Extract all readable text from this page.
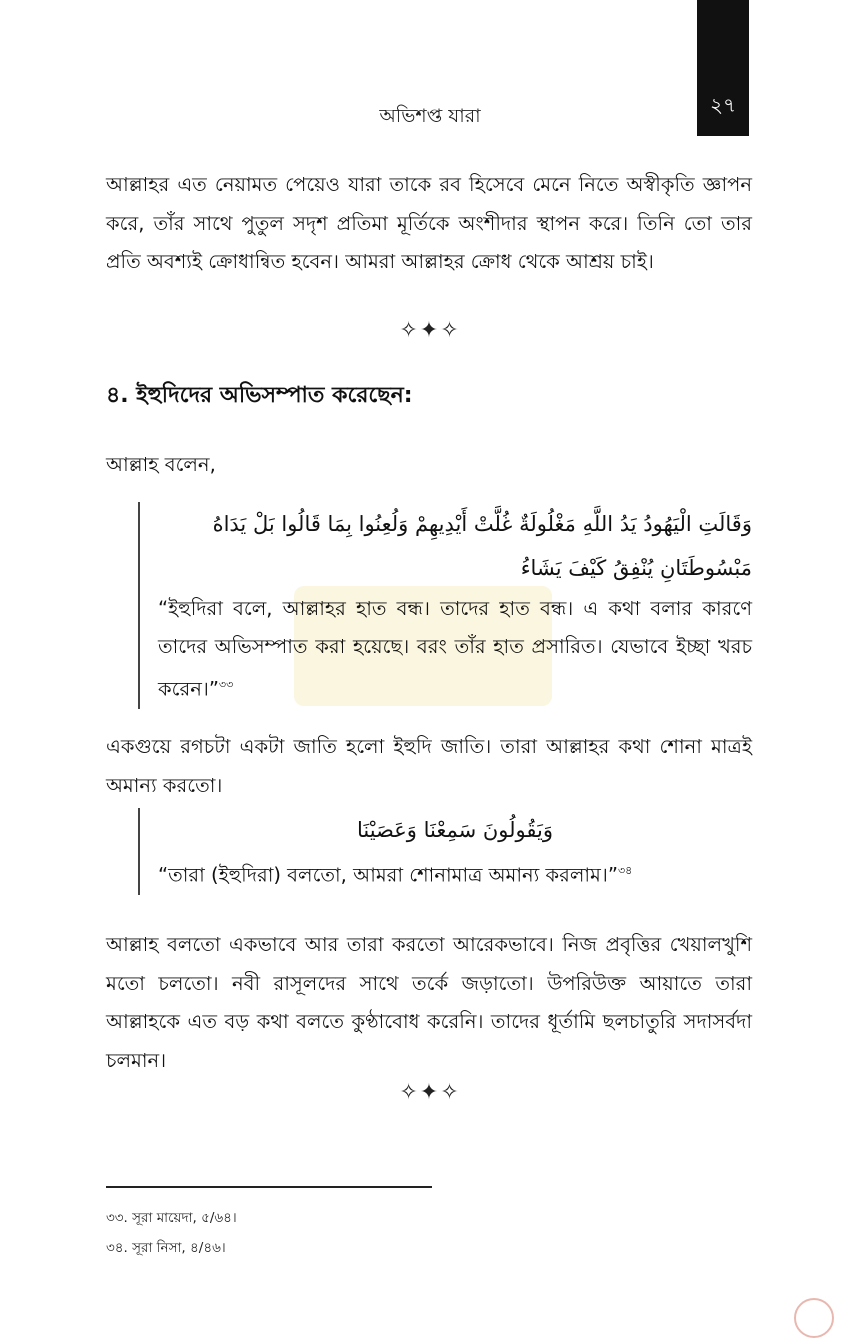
অভিশপ্ত যারা	২৭

আল্লাহর এত নেয়ামত পেয়েও যারা তাকে রব হিসেবে মেনে নিতে অস্বীকৃতি জ্ঞাপন করে, তাঁর সাথে পুতুল সদৃশ প্রতিমা মূর্তিকে অংশীদার স্থাপন করে। তিনি তো তার প্রতি অবশ্যই ক্রোধান্বিত হবেন। আমরা আল্লাহর ক্রোধ থেকে আশ্রয় চাই।

✧✦✧
৪. ইহুদিদের অভিসম্পাত করেছেন:

আল্লাহ বলেন,

وَقَالَتِ الْيَهُودُ يَدُ اللَّهِ مَغْلُولَةٌ غُلَّتْ أَيْدِيهِمْ وَلُعِنُوا بِمَا قَالُوا بَلْ يَدَاهُ مَبْسُوطَتَانِ يُنْفِقُ كَيْفَ يَشَاءُ

“ইহুদিরা বলে, আল্লাহর হাত বন্ধ। তাদের হাত বন্ধ। এ কথা বলার কারণে তাদের অভিসম্পাত করা হয়েছে। বরং তাঁর হাত প্রসারিত। যেভাবে ইচ্ছা খরচ করেন।”$^{৩৩}$

একগুয়ে রগচটা একটা জাতি হলো ইহুদি জাতি। তারা আল্লাহর কথা শোনা মাত্রই অমান্য করতো।

وَيَقُولُونَ سَمِعْنَا وَعَصَيْنَا

“তারা (ইহুদিরা) বলতো, আমরা শোনামাত্র অমান্য করলাম।”$^{৩৪}$

আল্লাহ বলতো একভাবে আর তারা করতো আরেকভাবে। নিজ প্রবৃত্তির খেয়ালখুশি মতো চলতো। নবী রাসূলদের সাথে তর্কে জড়াতো। উপরিউক্ত আয়াতে তারা আল্লাহকে এত বড় কথা বলতে কুণ্ঠাবোধ করেনি। তাদের ধূর্তামি ছলচাতুরি সদাসর্বদা চলমান।

✧✦✧
৩৩. সূরা মায়েদা, ৫/৬৪।
৩৪. সূরা নিসা, ৪/৪৬।
